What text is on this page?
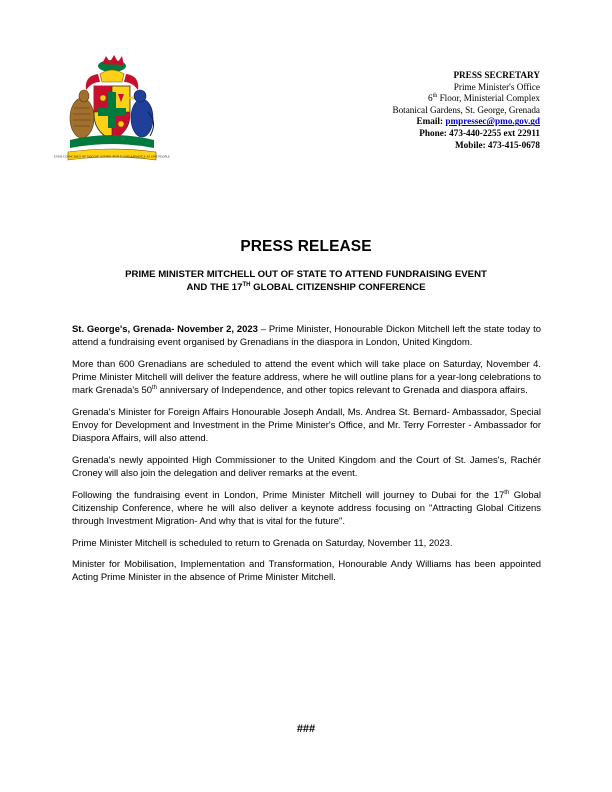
EVER CONSCIOUS OF GOD WE ASPIRE, BUILD AND ADVANCE AS ONE PEOPLE
PRESS SECRETARY
Prime Minister's Office
6th Floor, Ministerial Complex
Botanical Gardens, St. George, Grenada
Email: pmpressec@pmo.gov.gd
Phone: 473-440-2255 ext 22911
Mobile: 473-415-0678
PRESS RELEASE
PRIME MINISTER MITCHELL OUT OF STATE TO ATTEND FUNDRAISING EVENT
AND THE 17TH GLOBAL CITIZENSHIP CONFERENCE

St. George's, Grenada- November 2, 2023 – Prime Minister, Honourable Dickon Mitchell left the state today to attend a fundraising event organised by Grenadians in the diaspora in London, United Kingdom.

More than 600 Grenadians are scheduled to attend the event which will take place on Saturday, November 4. Prime Minister Mitchell will deliver the feature address, where he will outline plans for a year-long celebrations to mark Grenada's 50th anniversary of Independence, and other topics relevant to Grenada and diaspora affairs.

Grenada's Minister for Foreign Affairs Honourable Joseph Andall, Ms. Andrea St. Bernard- Ambassador, Special Envoy for Development and Investment in the Prime Minister's Office, and Mr. Terry Forrester - Ambassador for Diaspora Affairs, will also attend.

Grenada's newly appointed High Commissioner to the United Kingdom and the Court of St. James's, Rachér Croney will also join the delegation and deliver remarks at the event.

Following the fundraising event in London, Prime Minister Mitchell will journey to Dubai for the 17th Global Citizenship Conference, where he will also deliver a keynote address focusing on "Attracting Global Citizens through Investment Migration- And why that is vital for the future".

Prime Minister Mitchell is scheduled to return to Grenada on Saturday, November 11, 2023.

Minister for Mobilisation, Implementation and Transformation, Honourable Andy Williams has been appointed Acting Prime Minister in the absence of Prime Minister Mitchell.

###
